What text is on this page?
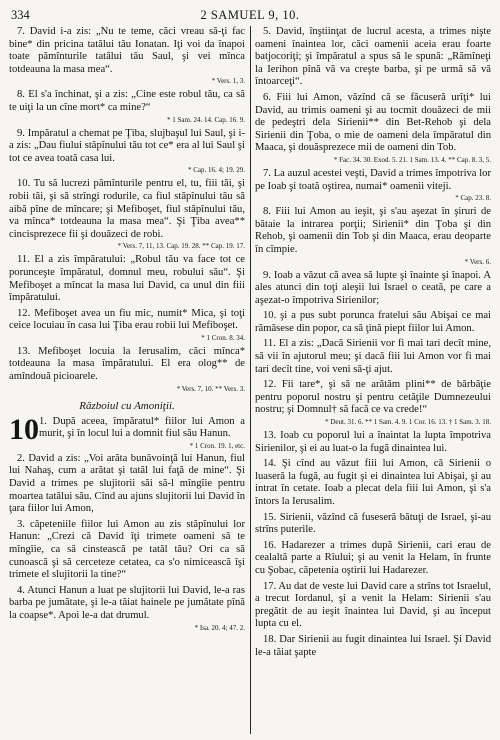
334	2 SAMUEL 9, 10.
7. David i-a zis: „Nu te teme, căci vreau să-ţi fac bine* din pricina tatălui tău Ionatan. Iţi voi da înapoi toate pămînturile tatălui tău Saul, şi vei mînca totdeauna la masa mea“.
* Vers. 1, 3.
8. El s'a închinat, şi a zis: „Cine este robul tău, ca să te uiţi la un cîne mort* ca mine?“
* 1 Sam. 24. 14. Cap. 16. 9.
9. Impăratul a chemat pe Ţiba, slujbaşul lui Saul, şi i-a zis: „Dau fiului stăpînului tău tot ce* era al lui Saul şi tot ce avea toată casa lui.
* Cap. 16. 4; 19. 29.
10. Tu să lucrezi pămînturile pentru el, tu, fiii tăi, şi robii tăi, şi să strîngi rodurile, ca fiul stăpînului tău să aibă pîne de mîncare; şi Mefiboşet, fiul stăpînului tău, va mînca* totdeauna la masa mea“. Şi Ţiba avea** cincisprezece fii şi douăzeci de robi.
* Vers. 7, 11, 13. Cap. 19. 28. ** Cap. 19. 17.
11. El a zis împăratului: „Robul tău va face tot ce porunceşte împăratul, domnul meu, robului său“. Şi Mefiboşet a mîncat la masa lui David, ca unul din fiii împăratului.
12. Mefiboşet avea un fiu mic, numit* Mica, şi toţi ceice locuiau în casa lui Ţiba erau robii lui Mefiboşet.
* 1 Cron. 8. 34.
13. Mefiboşet locuia la Ierusalim, căci mînca* totdeauna la masa împăratului. El era olog** de amîndouă picioarele.
* Vers. 7, 10. ** Vers. 3.
Războiul cu Amoniţii.
10 1. După aceea, împăratul* fiilor lui Amon a murit, şi în locul lui a domnit fiul său Hanun.
* 1 Cron. 19. 1, etc.
2. David a zis: „Voi arăta bunăvoinţă lui Hanun, fiul lui Nahaş, cum a arătat şi tatăl lui faţă de mine“. Şi David a trimes pe slujitorii săi să-l mîngîie pentru moartea tatălui său. Cînd au ajuns slujitorii lui David în ţara fiilor lui Amon,
3. căpeteniile fiilor lui Amon au zis stăpînului lor Hanun: „Crezi că David îţi trimete oameni să te mîngîie, ca să cinstească pe tatăl tău? Ori ca să cunoască şi să cerceteze cetatea, ca s'o nimicească îşi trimete el slujitorii la tine?“
4. Atunci Hanun a luat pe slujitorii lui David, le-a ras barba pe jumătate, şi le-a tăiat hainele pe jumătate pînă la coapse*. Apoi le-a dat drumul.
* Isa. 20. 4; 47. 2.
5. David, înştiinţat de lucrul acesta, a trimes nişte oameni înaintea lor, căci oamenii aceia erau foarte batjocoriţi; şi împăratul a spus să le spună: „Rămîneţi la Ierihon pînă vă va creşte barba, şi pe urmă să vă întoarceţi“.
6. Fiii lui Amon, văzînd că se făcuseră urîţi* lui David, au trimis oameni şi au tocmit douăzeci de mii de pedeştri dela Sirienii** din Bet-Rehob şi dela Sirienii din Ţoba, o mie de oameni dela împăratul din Maaca, şi douăsprezece mii de oameni din Tob.
* Fac. 34. 30. Exod. 5. 21. 1 Sam. 13. 4. ** Cap. 8. 3, 5.
7. La auzul acestei veşti, David a trimes împotriva lor pe Ioab şi toată oştirea, numai* oamenii viteji.
* Cap. 23. 8.
8. Fiii lui Amon au ieşit, şi s'au aşezat în şiruri de bătaie la intrarea porţii; Sirienii* din Ţoba şi din Rehob, şi oamenii din Tob şi din Maaca, erau deoparte în cîmpie.
* Vers. 6.
9. Ioab a văzut că avea să lupte şi înainte şi înapoi. A ales atunci din toţi aleşii lui Israel o ceată, pe care a aşezat-o împotriva Sirienilor;
10. şi a pus subt porunca fratelui său Abişai ce mai rămăsese din popor, ca să ţină piept fiilor lui Amon.
11. El a zis: „Dacă Sirienii vor fi mai tari decît mine, să vii în ajutorul meu; şi dacă fiii lui Amon vor fi mai tari decît tine, voi veni să-ţi ajut.
12. Fii tare*, şi să ne arătăm plini** de bărbăţie pentru poporul nostru şi pentru cetăţile Dumnezeului nostru; şi Domnul† să facă ce va crede!“
* Deut. 31. 6. ** 1 Sam. 4. 9. 1 Cor. 16. 13. † 1 Sam. 3. 18.
13. Ioab cu poporul lui a înaintat la lupta împotriva Sirienilor, şi ei au luat-o la fugă dinaintea lui.
14. Şi cînd au văzut fiii lui Amon, că Sirienii o luaseră la fugă, au fugit şi ei dinaintea lui Abişai, şi au intrat în cetate. Ioab a plecat dela fiii lui Amon, şi s'a întors la Ierusalim.
15. Sirienii, văzînd că fuseseră bătuţi de Israel, şi-au strîns puterile.
16. Hadarezer a trimes după Sirienii, cari erau de cealaltă parte a Rîului; şi au venit la Helam, în frunte cu Şobac, căpetenia oştirii lui Hadarezer.
17. Au dat de veste lui David care a strîns tot Israelul, a trecut Iordanul, şi a venit la Helam: Sirienii s'au pregătit de au ieşit înaintea lui David, şi au început lupta cu el.
18. Dar Sirienii au fugit dinaintea lui Israel. Şi David le-a tăiat şapte
